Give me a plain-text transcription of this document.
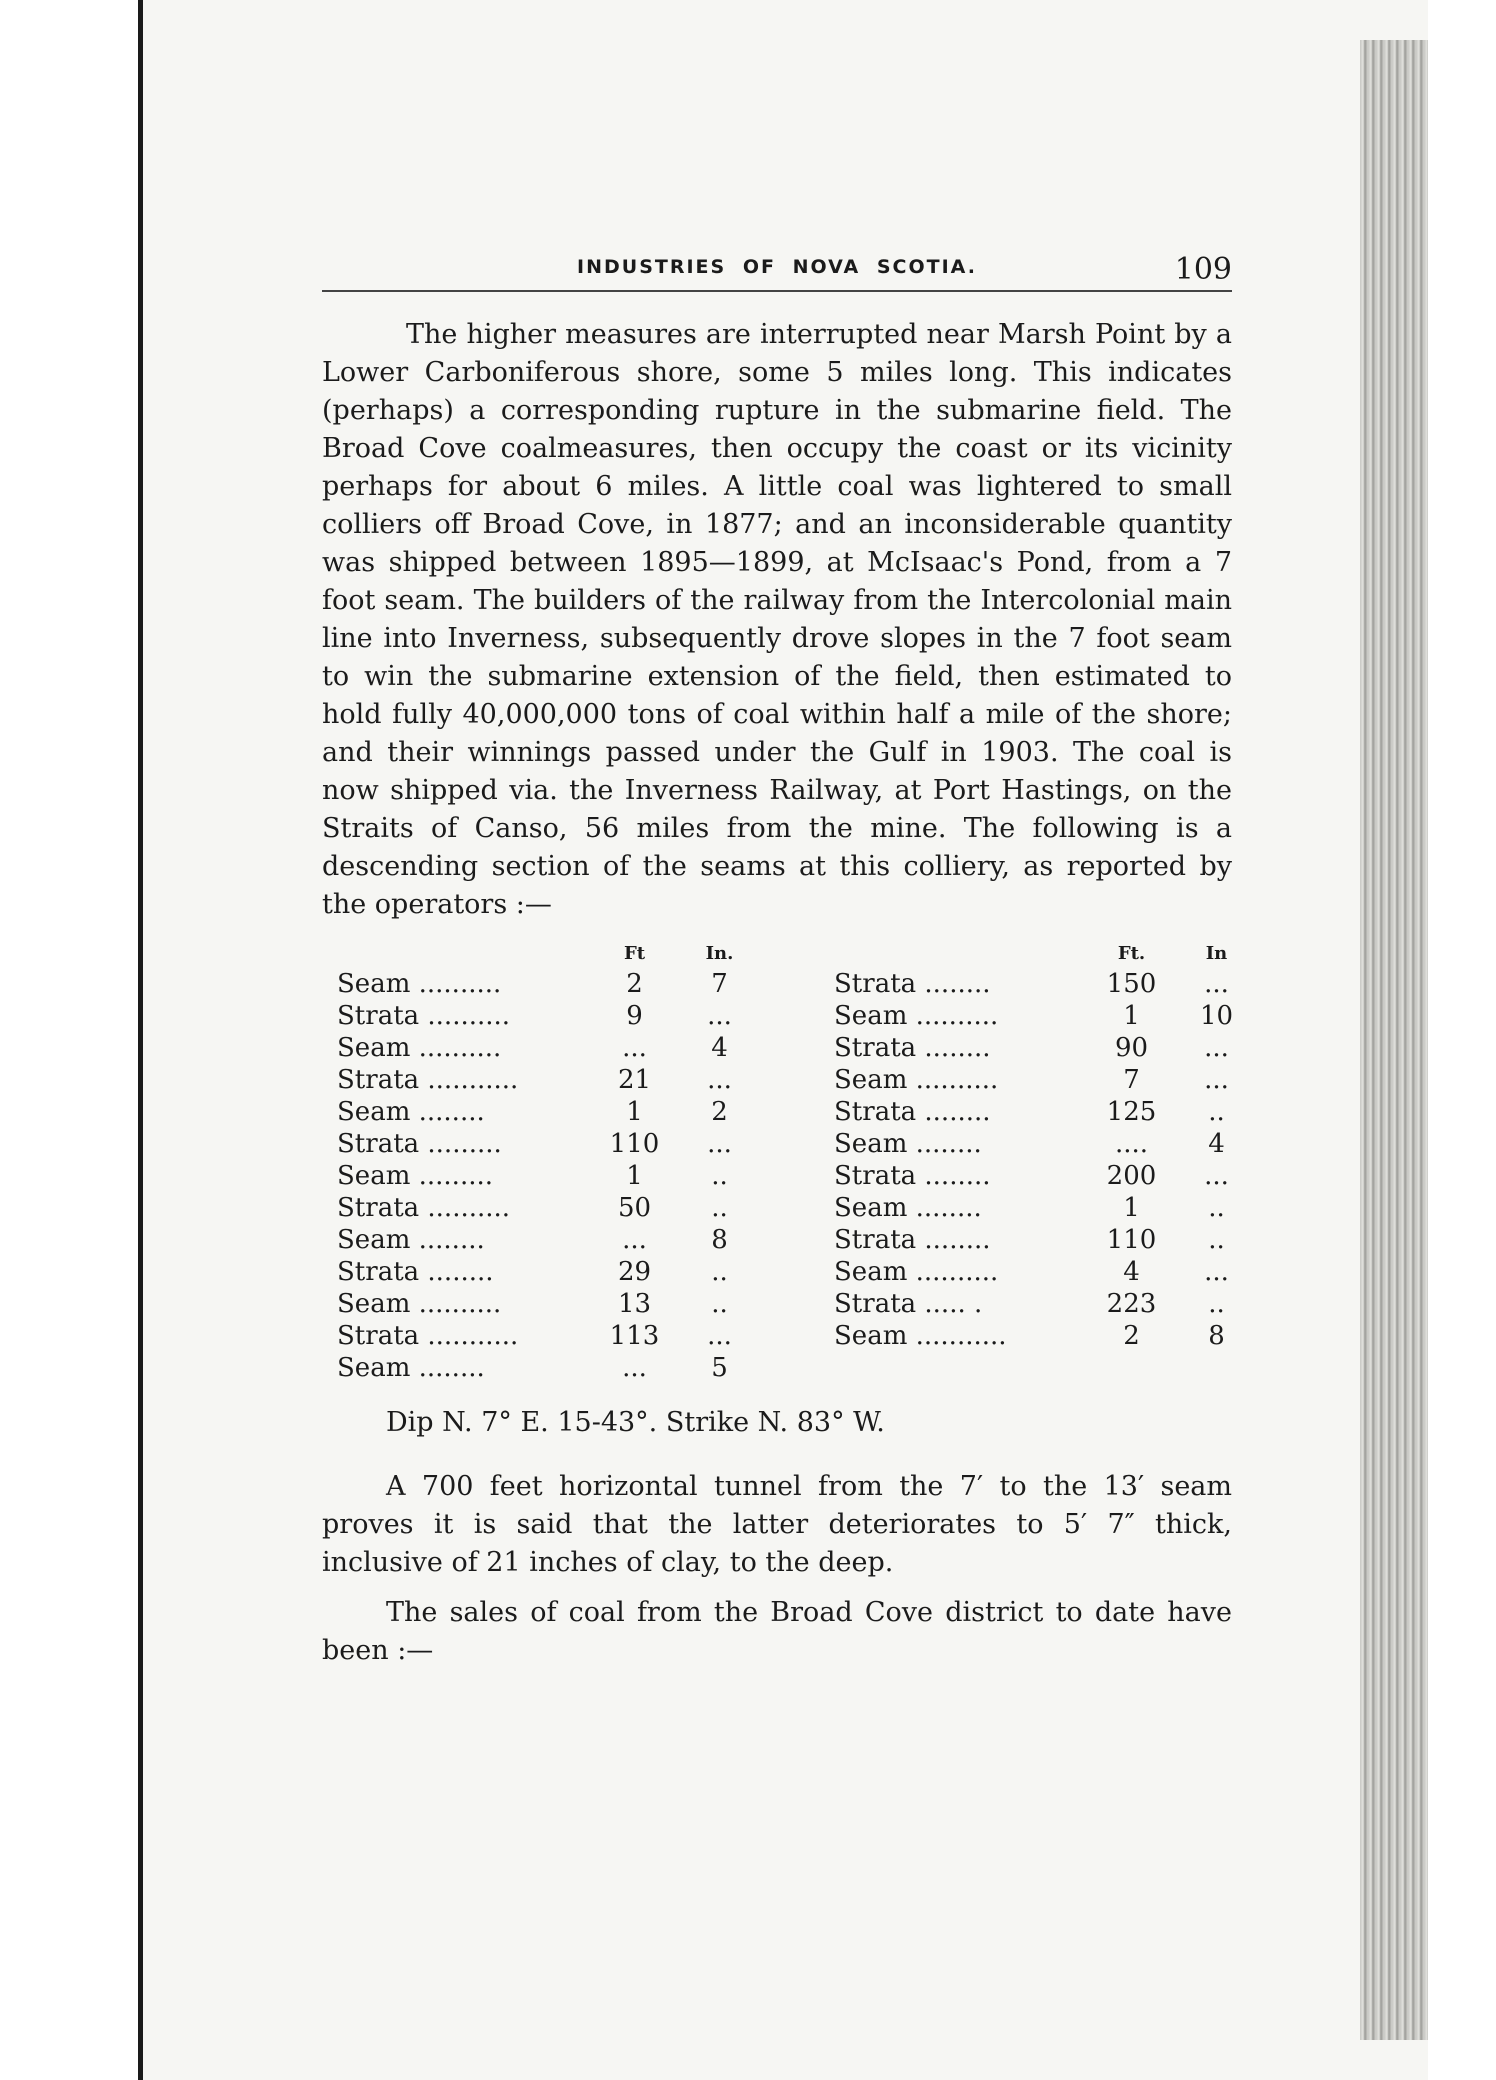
INDUSTRIES OF NOVA SCOTIA.	109

The higher measures are interrupted near Marsh Point by a Lower Carboniferous shore, some 5 miles long. This indicates (perhaps) a corresponding rupture in the submarine field. The Broad Cove coalmeasures, then occupy the coast or its vicinity perhaps for about 6 miles. A little coal was lightered to small colliers off Broad Cove, in 1877; and an inconsiderable quantity was shipped between 1895—1899, at McIsaac's Pond, from a 7 foot seam. The builders of the railway from the Intercolonial main line into Inverness, subsequently drove slopes in the 7 foot seam to win the submarine extension of the field, then estimated to hold fully 40,000,000 tons of coal within half a mile of the shore; and their winnings passed under the Gulf in 1903. The coal is now shipped via. the Inverness Railway, at Port Hastings, on the Straits of Canso, 56 miles from the mine. The following is a descending section of the seams at this colliery, as reported by the operators :—

Ft	In.
Seam ..........	2	7
Strata ..........	9	...
Seam ..........	...	4
Strata ...........	21	...
Seam ........	1	2
Strata .........	110	...
Seam .........	1	..
Strata ..........	50	..
Seam ........	...	8
Strata ........	29	..
Seam ..........	13	..
Strata ...........	113	...
Seam ........	...	5
Ft.	In
Strata ........	150	...
Seam ..........	1	10
Strata ........	90	...
Seam ..........	7	...
Strata ........	125	..
Seam ........	....	4
Strata ........	200	...
Seam ........	1	..
Strata ........	110	..
Seam ..........	4	...
Strata ..... .	223	..
Seam ...........	2	8

Dip N. 7° E. 15-43°. Strike N. 83° W.

A 700 feet horizontal tunnel from the 7′ to the 13′ seam proves it is said that the latter deteriorates to 5′ 7″ thick, inclusive of 21 inches of clay, to the deep.

The sales of coal from the Broad Cove district to date have been :—
